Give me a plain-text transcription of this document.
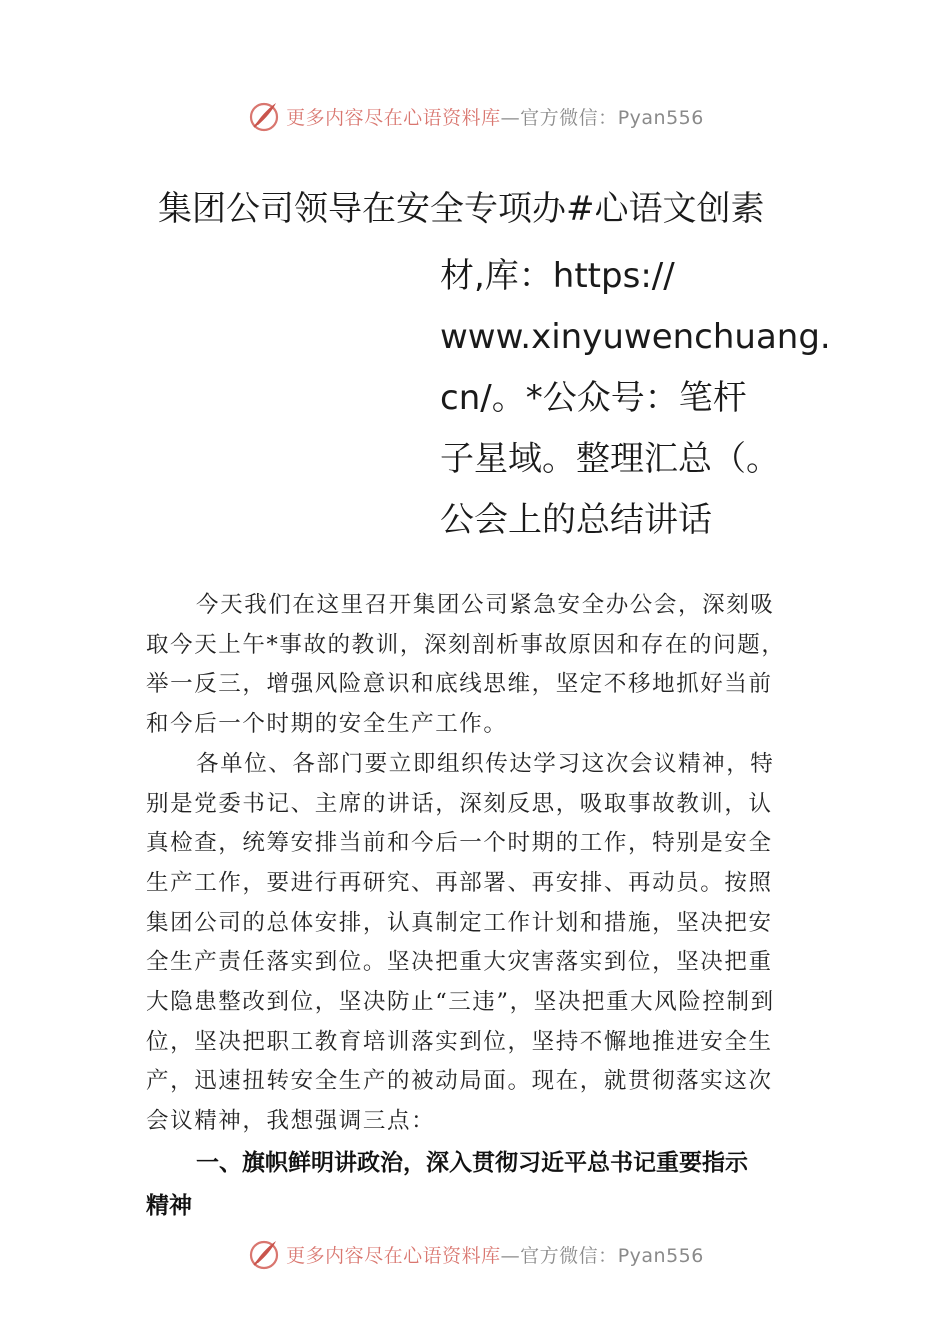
更多内容尽在心语资料库—官方微信：Pyan556
集团公司领导在安全专项办#心语文创素
材,库：https://
www.xinyuwenchuang.
cn/。*公众号：笔杆
子星域。整理汇总（。
公会上的总结讲话
今天我们在这里召开集团公司紧急安全办公会，深刻吸
取今天上午*事故的教训，深刻剖析事故原因和存在的问题，
举一反三，增强风险意识和底线思维，坚定不移地抓好当前
和今后一个时期的安全生产工作。
各单位、各部门要立即组织传达学习这次会议精神，特
别是党委书记、主席的讲话，深刻反思，吸取事故教训，认
真检查，统筹安排当前和今后一个时期的工作，特别是安全
生产工作，要进行再研究、再部署、再安排、再动员。按照
集团公司的总体安排，认真制定工作计划和措施，坚决把安
全生产责任落实到位。坚决把重大灾害落实到位，坚决把重
大隐患整改到位，坚决防止“三违”，坚决把重大风险控制到
位，坚决把职工教育培训落实到位，坚持不懈地推进安全生
产，迅速扭转安全生产的被动局面。现在，就贯彻落实这次
会议精神，我想强调三点：
一、旗帜鲜明讲政治，深入贯彻习近平总书记重要指示
精神
更多内容尽在心语资料库—官方微信：Pyan556
